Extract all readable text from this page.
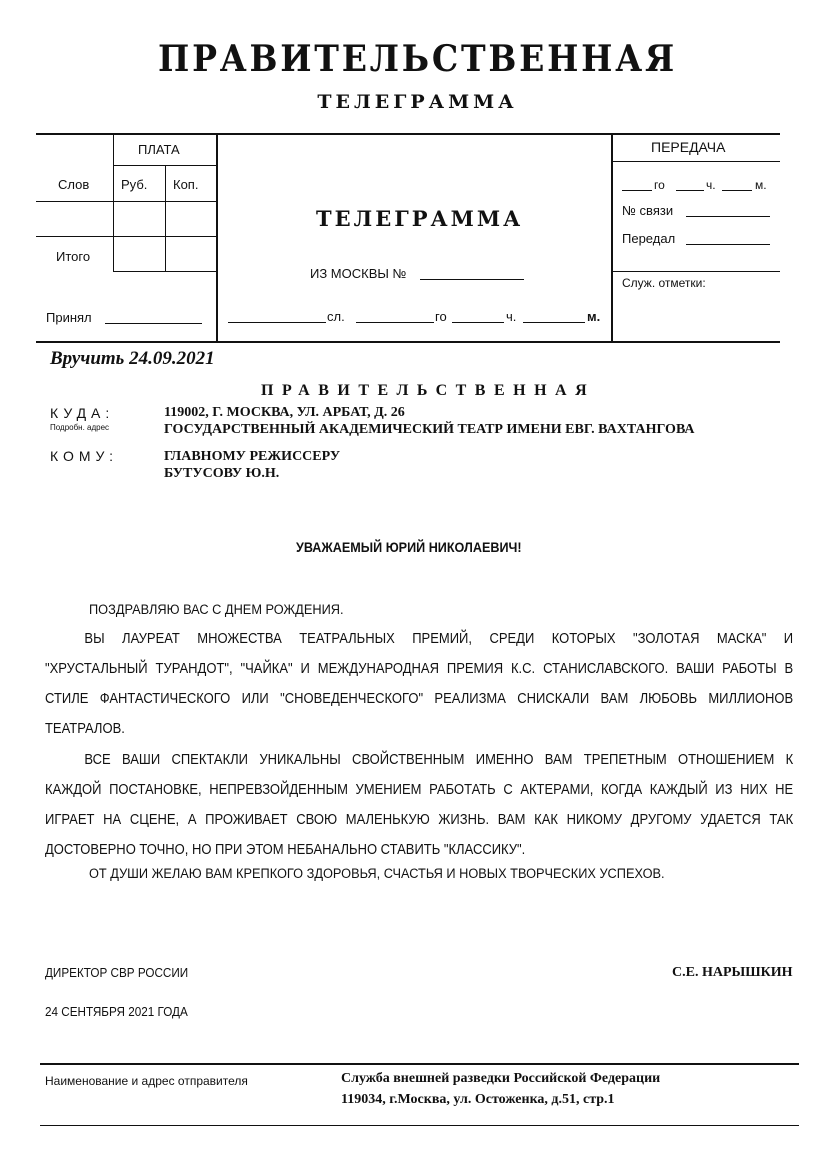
ПРАВИТЕЛЬСТВЕННАЯ
ТЕЛЕГРАММА
ПЛАТА
Слов Руб. Коп.
Итого
Принял
ТЕЛЕГРАММА
ИЗ МОСКВЫ №
сл.	го	ч.	м.
ПЕРЕДАЧА
го	ч.	м.
№ связи
Передал
Служ. отметки:
Вручить 24.09.2021
ПРАВИТЕЛЬСТВЕННАЯ
КУДА:
Подробн. адрес
119002, Г. МОСКВА, УЛ. АРБАТ, Д. 26
ГОСУДАРСТВЕННЫЙ АКАДЕМИЧЕСКИЙ ТЕАТР ИМЕНИ ЕВГ. ВАХТАНГОВА
КОМУ:	ГЛАВНОМУ РЕЖИССЕРУ
БУТУСОВУ Ю.Н.
УВАЖАЕМЫЙ ЮРИЙ НИКОЛАЕВИЧ!
ПОЗДРАВЛЯЮ ВАС С ДНЕМ РОЖДЕНИЯ.
ВЫ ЛАУРЕАТ МНОЖЕСТВА ТЕАТРАЛЬНЫХ ПРЕМИЙ, СРЕДИ КОТОРЫХ "ЗОЛОТАЯ МАСКА" И
"ХРУСТАЛЬНЫЙ ТУРАНДОТ", "ЧАЙКА" И МЕЖДУНАРОДНАЯ ПРЕМИЯ К.С. СТАНИСЛАВСКОГО. ВАШИ РАБОТЫ В
СТИЛЕ ФАНТАСТИЧЕСКОГО ИЛИ "СНОВЕДЕНЧЕСКОГО" РЕАЛИЗМА СНИСКАЛИ ВАМ ЛЮБОВЬ МИЛЛИОНОВ
ТЕАТРАЛОВ.
ВСЕ ВАШИ СПЕКТАКЛИ УНИКАЛЬНЫ СВОЙСТВЕННЫМ ИМЕННО ВАМ ТРЕПЕТНЫМ ОТНОШЕНИЕМ К
КАЖДОЙ ПОСТАНОВКЕ, НЕПРЕВЗОЙДЕННЫМ УМЕНИЕМ РАБОТАТЬ С АКТЕРАМИ, КОГДА КАЖДЫЙ ИЗ НИХ НЕ
ИГРАЕТ НА СЦЕНЕ, А ПРОЖИВАЕТ СВОЮ МАЛЕНЬКУЮ ЖИЗНЬ. ВАМ КАК НИКОМУ ДРУГОМУ УДАЕТСЯ ТАК
ДОСТОВЕРНО ТОЧНО, НО ПРИ ЭТОМ НЕБАНАЛЬНО СТАВИТЬ "КЛАССИКУ".
ОТ ДУШИ ЖЕЛАЮ ВАМ КРЕПКОГО ЗДОРОВЬЯ, СЧАСТЬЯ И НОВЫХ ТВОРЧЕСКИХ УСПЕХОВ.
ДИРЕКТОР СВР РОССИИ	С.Е. НАРЫШКИН
24 СЕНТЯБРЯ 2021 ГОДА
Наименование и адрес отправителя	Служба внешней разведки Российской Федерации
119034, г.Москва, ул. Остоженка, д.51, стр.1
